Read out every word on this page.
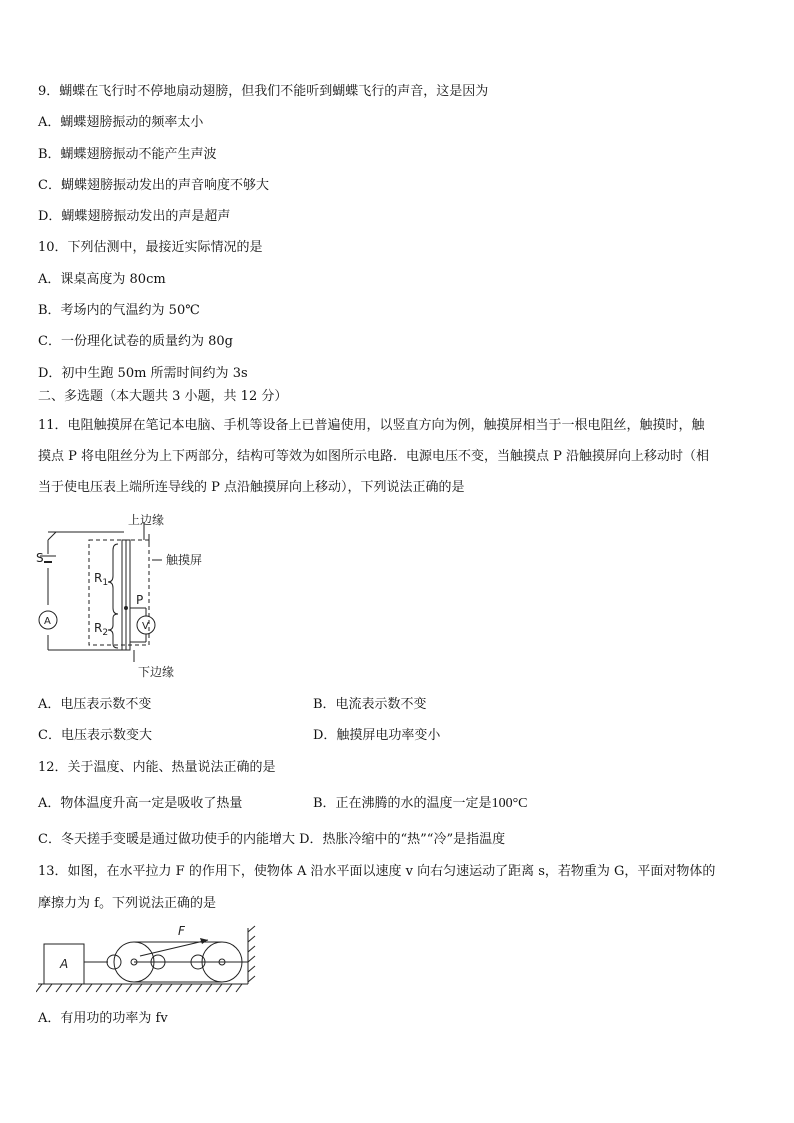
9．蝴蝶在飞行时不停地扇动翅膀，但我们不能听到蝴蝶飞行的声音，这是因为
A．蝴蝶翅膀振动的频率太小
B．蝴蝶翅膀振动不能产生声波
C．蝴蝶翅膀振动发出的声音响度不够大
D．蝴蝶翅膀振动发出的声是超声
10．下列估测中，最接近实际情况的是
A．课桌高度为 80cm
B．考场内的气温约为 50℃
C．一份理化试卷的质量约为 80g
D．初中生跑 50m 所需时间约为 3s
二、多选题（本大题共 3 小题，共 12 分）
11．电阻触摸屏在笔记本电脑、手机等设备上已普遍使用，以竖直方向为例，触摸屏相当于一根电阻丝，触摸时，触
摸点 P 将电阻丝分为上下两部分，结构可等效为如图所示电路．电源电压不变，当触摸点 P 沿触摸屏向上移动时（相
当于使电压表上端所连导线的 P 点沿触摸屏向上移动），下列说法正确的是
上边缘
触摸屏
下边缘
S
A	V
P
$R_1$
$R_2$
A．电压表示数不变	B．电流表示数不变
C．电压表示数变大	D．触摸屏电功率变小
12．关于温度、内能、热量说法正确的是
A．物体温度升高一定是吸收了热量	B．正在沸腾的水的温度一定是100°C
C．冬天搓手变暖是通过做功使手的内能增大 D．热胀冷缩中的“热”“冷”是指温度
13．如图，在水平拉力 F 的作用下，使物体 A 沿水平面以速度 v 向右匀速运动了距离 s，若物重为 G，平面对物体的
摩擦力为 f。下列说法正确的是
A
F
A．有用功的功率为 fv
